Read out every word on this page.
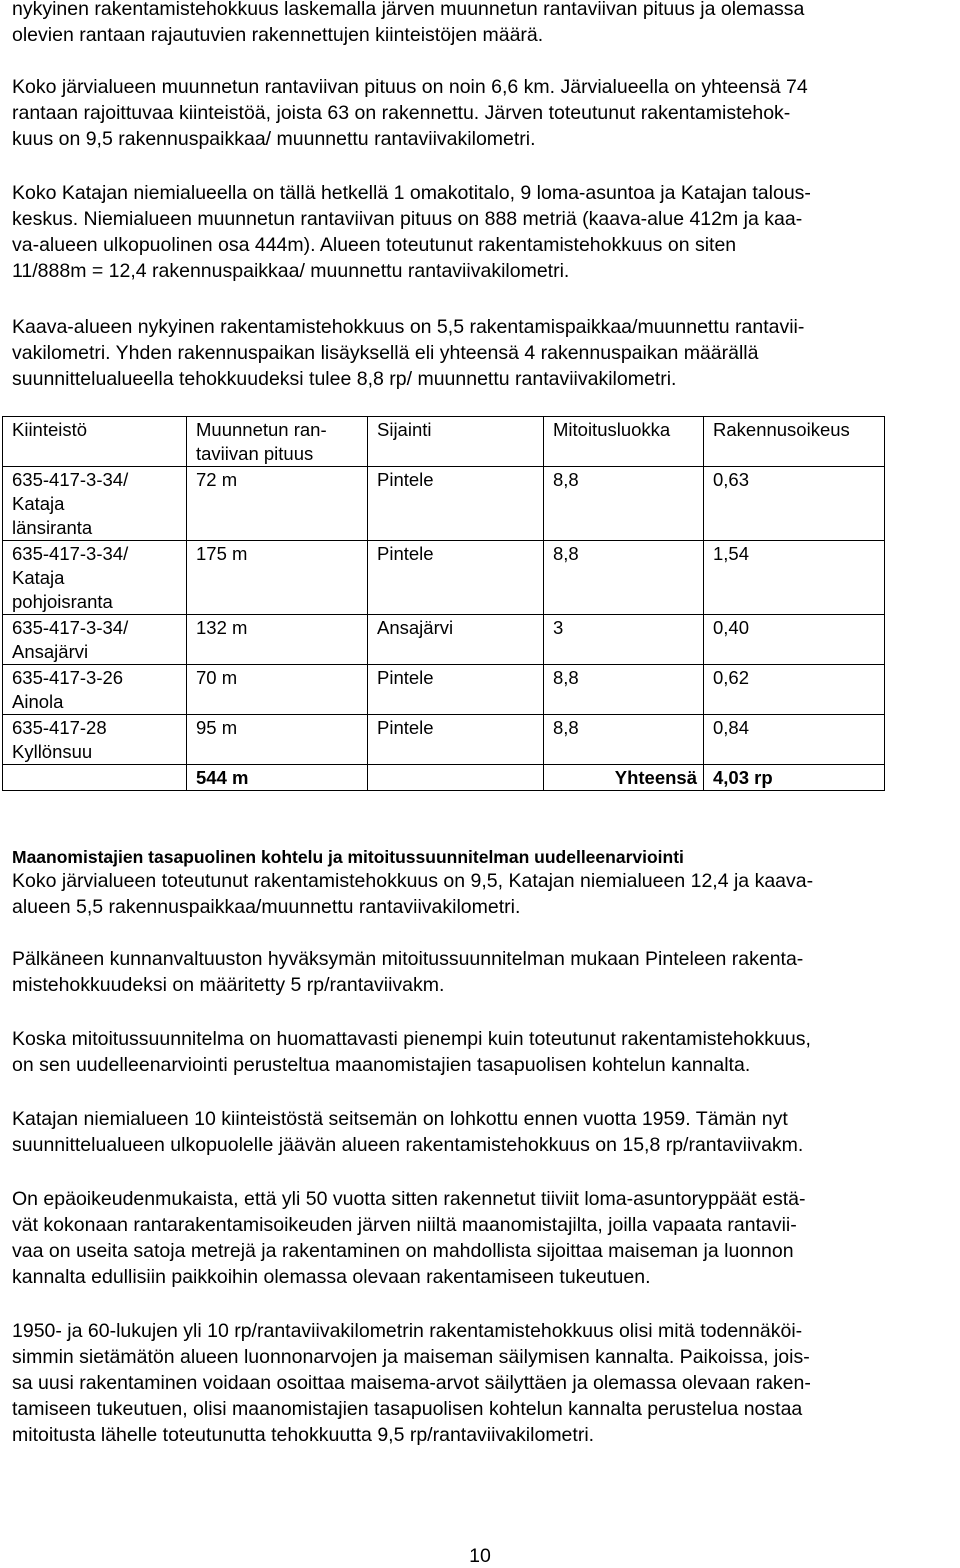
nykyinen rakentamistehokkuus laskemalla järven muunnetun rantaviivan pituus ja olemassa
olevien rantaan rajautuvien rakennettujen kiinteistöjen määrä.
Koko järvialueen muunnetun rantaviivan pituus on noin 6,6 km. Järvialueella on yhteensä 74
rantaan rajoittuvaa kiinteistöä, joista 63 on rakennettu. Järven toteutunut rakentamistehok-
kuus on 9,5 rakennuspaikkaa/ muunnettu rantaviivakilometri.
Koko Katajan niemialueella on tällä hetkellä 1 omakotitalo, 9 loma-asuntoa ja Katajan talous-
keskus. Niemialueen muunnetun rantaviivan pituus on 888 metriä (kaava-alue 412m ja kaa-
va-alueen ulkopuolinen osa 444m). Alueen toteutunut rakentamistehokkuus on siten
11/888m = 12,4 rakennuspaikkaa/ muunnettu rantaviivakilometri.
Kaava-alueen nykyinen rakentamistehokkuus on 5,5 rakentamispaikkaa/muunnettu rantavii-
vakilometri. Yhden rakennuspaikan lisäyksellä eli yhteensä 4 rakennuspaikan määrällä
suunnittelualueella tehokkuudeksi tulee 8,8 rp/ muunnettu rantaviivakilometri.
Kiinteistö	Muunnetun ran-
taviivan pituus	Sijainti	Mitoitusluokka	Rakennusoikeus

635-417-3-34/
Kataja
länsiranta	72 m	Pintele	8,8	0,63

635-417-3-34/
Kataja
pohjoisranta	175 m	Pintele	8,8	1,54

635-417-3-34/
Ansajärvi	132 m	Ansajärvi	3	0,40

635-417-3-26
Ainola	70 m	Pintele	8,8	0,62

635-417-28
Kyllönsuu	95 m	Pintele	8,8	0,84
	544 m		Yhteensä	4,03 rp
Maanomistajien tasapuolinen kohtelu ja mitoitussuunnitelman uudelleenarviointi
Koko järvialueen toteutunut rakentamistehokkuus on 9,5, Katajan niemialueen 12,4 ja kaava-
alueen 5,5 rakennuspaikkaa/muunnettu rantaviivakilometri.
Pälkäneen kunnanvaltuuston hyväksymän mitoitussuunnitelman mukaan Pinteleen rakenta-
mistehokkuudeksi on määritetty 5 rp/rantaviivakm.
Koska mitoitussuunnitelma on huomattavasti pienempi kuin toteutunut rakentamistehokkuus,
on sen uudelleenarviointi perusteltua maanomistajien tasapuolisen kohtelun kannalta.
Katajan niemialueen 10 kiinteistöstä seitsemän on lohkottu ennen vuotta 1959. Tämän nyt
suunnittelualueen ulkopuolelle jäävän alueen rakentamistehokkuus on 15,8 rp/rantaviivakm.
On epäoikeudenmukaista, että yli 50 vuotta sitten rakennetut tiiviit loma-asuntoryppäät estä-
vät kokonaan rantarakentamisoikeuden järven niiltä maanomistajilta, joilla vapaata rantavii-
vaa on useita satoja metrejä ja rakentaminen on mahdollista sijoittaa maiseman ja luonnon
kannalta edullisiin paikkoihin olemassa olevaan rakentamiseen tukeutuen.
1950- ja 60-lukujen yli 10 rp/rantaviivakilometrin rakentamistehokkuus olisi mitä todennäköi-
simmin sietämätön alueen luonnonarvojen ja maiseman säilymisen kannalta. Paikoissa, jois-
sa uusi rakentaminen voidaan osoittaa maisema-arvot säilyttäen ja olemassa olevaan raken-
tamiseen tukeutuen, olisi maanomistajien tasapuolisen kohtelun kannalta perustelua nostaa
mitoitusta lähelle toteutunutta tehokkuutta 9,5 rp/rantaviivakilometri.
10
